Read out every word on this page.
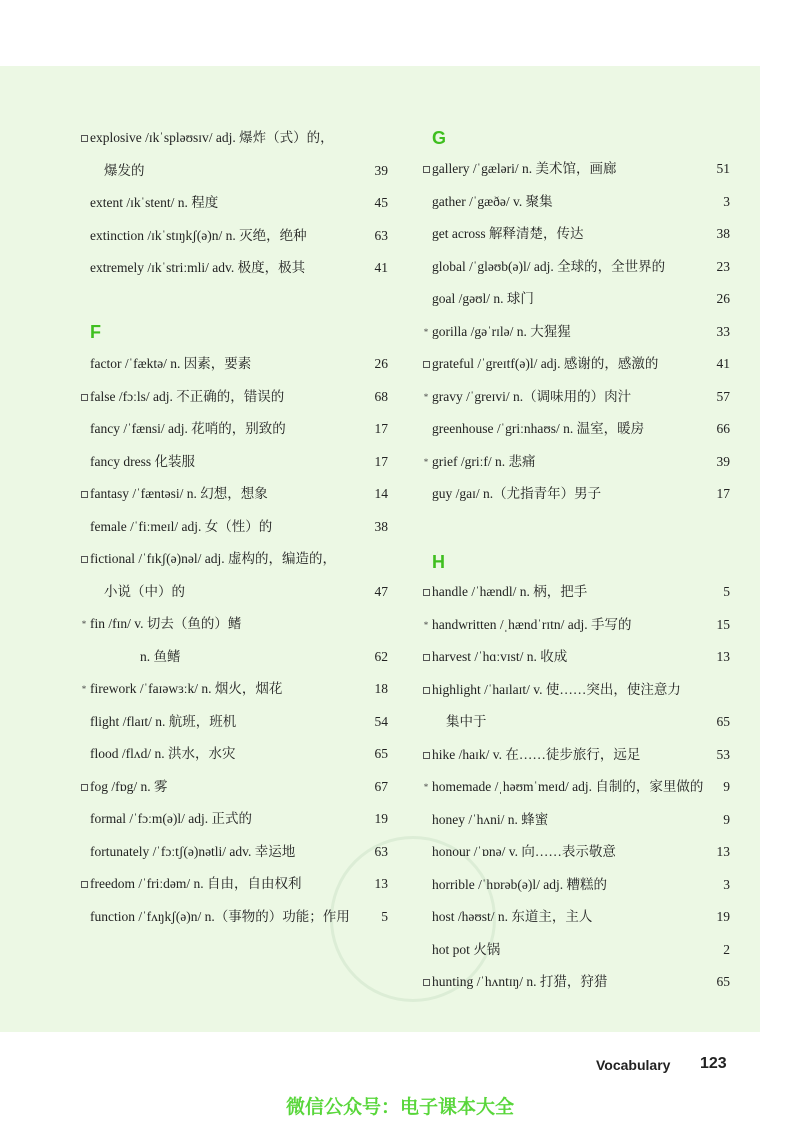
explosive /ɪkˈspləʊsɪv/ adj. 爆炸（式）的，
爆发的	39
extent /ɪkˈstent/ n. 程度	45
extinction /ɪkˈstɪŋkʃ(ə)n/ n. 灭绝，绝种	63
extremely /ɪkˈstriːmli/ adv. 极度，极其	41
F
factor /ˈfæktə/ n. 因素，要素	26
false /fɔːls/ adj. 不正确的，错误的	68
fancy /ˈfænsi/ adj. 花哨的，别致的	17
fancy dress 化装服	17
fantasy /ˈfæntəsi/ n. 幻想，想象	14
female /ˈfiːmeɪl/ adj. 女（性）的	38
fictional /ˈfɪkʃ(ə)nəl/ adj. 虚构的，编造的，
小说（中）的	47
* fin /fɪn/ v. 切去（鱼的）鳍
n. 鱼鳍	62
* firework /ˈfaɪəwɜːk/ n. 烟火，烟花	18
flight /flaɪt/ n. 航班，班机	54
flood /flʌd/ n. 洪水，水灾	65
fog /fɒg/ n. 雾	67
formal /ˈfɔːm(ə)l/ adj. 正式的	19
fortunately /ˈfɔːtʃ(ə)nətli/ adv. 幸运地	63
freedom /ˈfriːdəm/ n. 自由，自由权利	13
function /ˈfʌŋkʃ(ə)n/ n.（事物的）功能；作用 5
G
gallery /ˈgæləri/ n. 美术馆，画廊	51
gather /ˈgæðə/ v. 聚集	3
get across 解释清楚，传达	38
global /ˈgləʊb(ə)l/ adj. 全球的，全世界的	23
goal /gəʊl/ n. 球门	26
* gorilla /gəˈrɪlə/ n. 大猩猩	33
grateful /ˈgreɪtf(ə)l/ adj. 感谢的，感激的	41
* gravy /ˈgreɪvi/ n.（调味用的）肉汁	57
greenhouse /ˈgriːnhaʊs/ n. 温室，暖房	66
* grief /griːf/ n. 悲痛	39
guy /gaɪ/ n.（尤指青年）男子	17
H
handle /ˈhændl/ n. 柄，把手	5
* handwritten /ˌhændˈrɪtn/ adj. 手写的	15
harvest /ˈhɑːvɪst/ n. 收成	13
highlight /ˈhaɪlaɪt/ v. 使……突出，使注意力
集中于	65
hike /haɪk/ v. 在……徒步旅行，远足	53
* homemade /ˌhəʊmˈmeɪd/ adj. 自制的，家里做的 9
honey /ˈhʌni/ n. 蜂蜜	9
honour /ˈɒnə/ v. 向……表示敬意	13
horrible /ˈhɒrəb(ə)l/ adj. 糟糕的	3
host /həʊst/ n. 东道主，主人	19
hot pot 火锅	2
hunting /ˈhʌntɪŋ/ n. 打猎，狩猎	65
Vocabulary 123
微信公众号：电子课本大全
